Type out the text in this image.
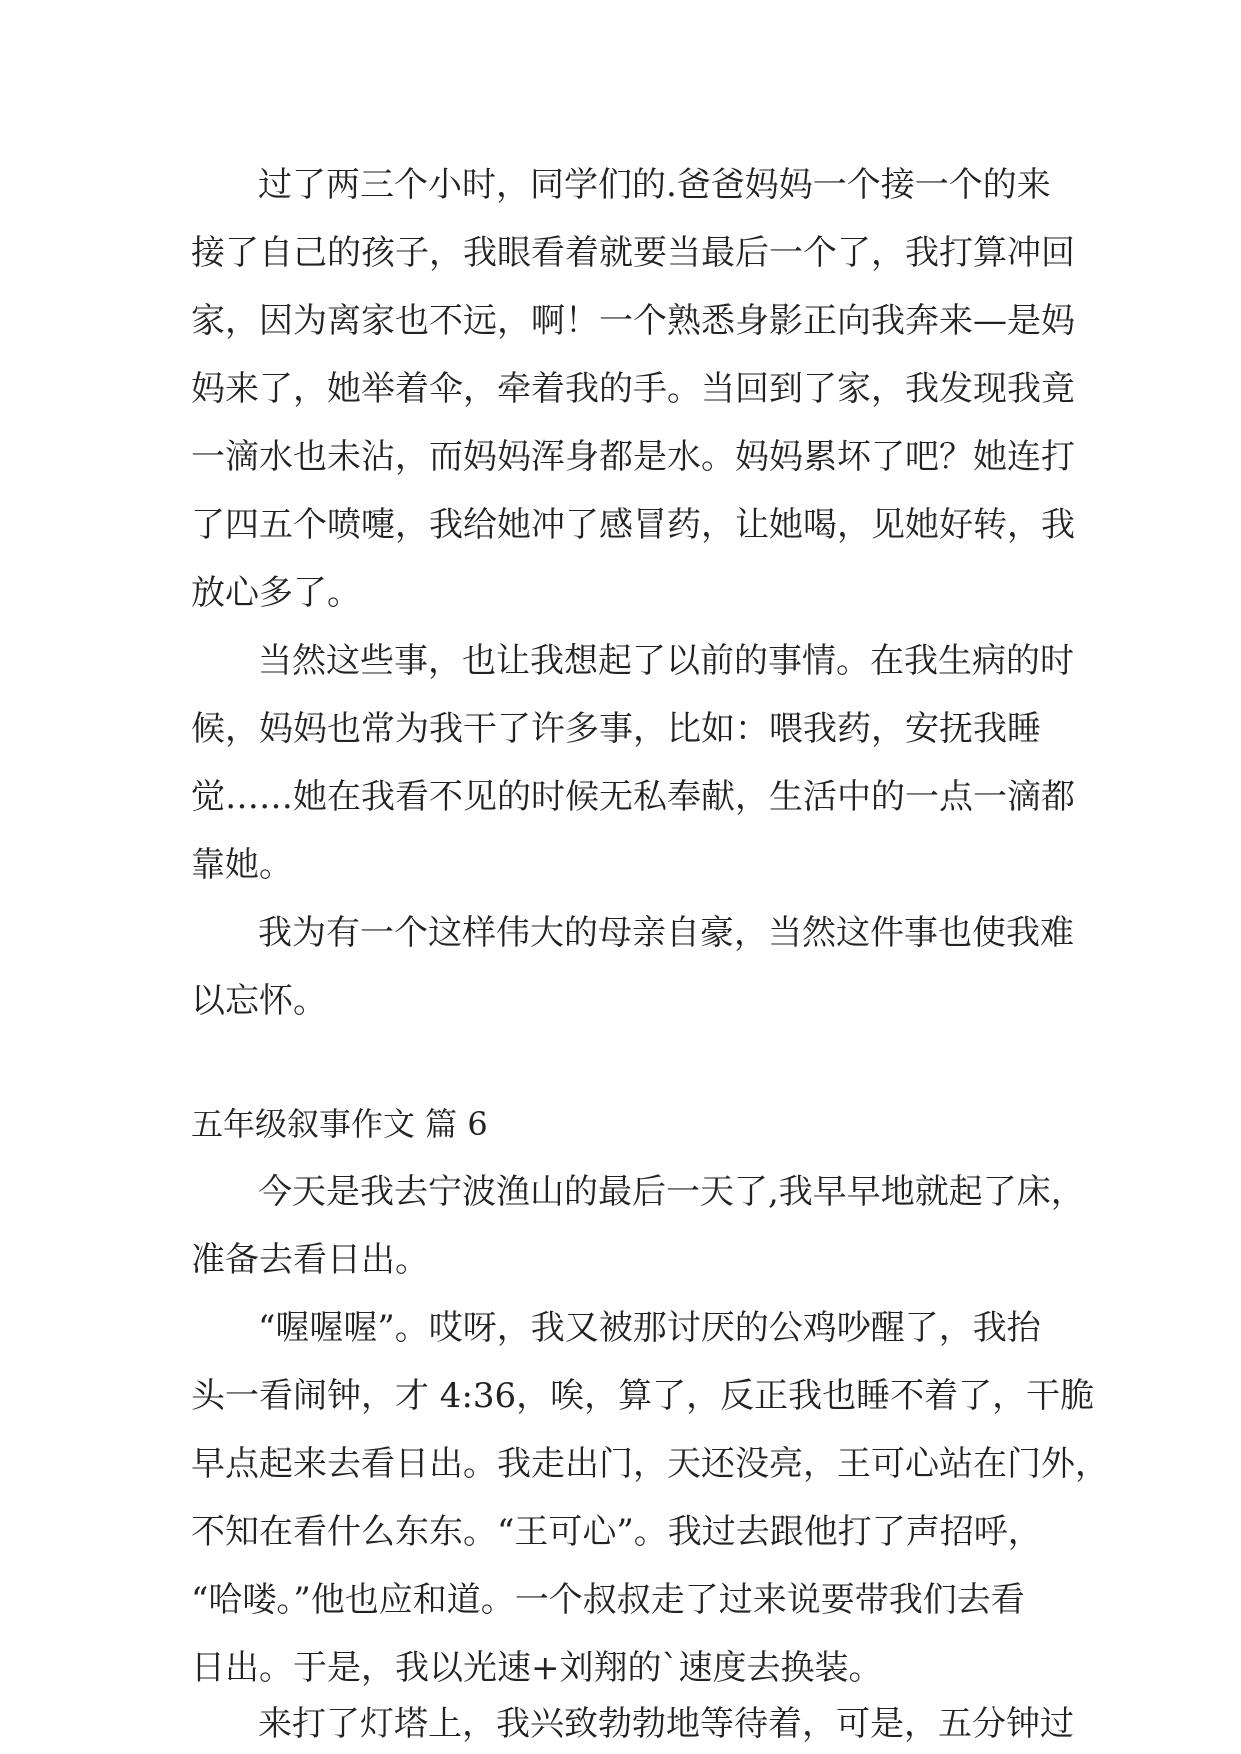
过了两三个小时，同学们的.爸爸妈妈一个接一个的来
接了自己的孩子，我眼看着就要当最后一个了，我打算冲回
家，因为离家也不远，啊！一个熟悉身影正向我奔来—是妈
妈来了，她举着伞，牵着我的手。当回到了家，我发现我竟
一滴水也未沾，而妈妈浑身都是水。妈妈累坏了吧？她连打
了四五个喷嚏，我给她冲了感冒药，让她喝，见她好转，我
放心多了。
当然这些事，也让我想起了以前的事情。在我生病的时
候，妈妈也常为我干了许多事，比如：喂我药，安抚我睡
觉……她在我看不见的时候无私奉献，生活中的一点一滴都
靠她。
我为有一个这样伟大的母亲自豪，当然这件事也使我难
以忘怀。
五年级叙事作文 篇 6
今天是我去宁波渔山的最后一天了,我早早地就起了床，
准备去看日出。
“喔喔喔”。哎呀，我又被那讨厌的公鸡吵醒了，我抬
头一看闹钟，才 4:36，唉，算了，反正我也睡不着了，干脆
早点起来去看日出。我走出门，天还没亮，王可心站在门外，
不知在看什么东东。“王可心”。我过去跟他打了声招呼，
“哈喽。”他也应和道。一个叔叔走了过来说要带我们去看
日出。于是，我以光速+刘翔的`速度去换装。
来打了灯塔上，我兴致勃勃地等待着，可是，五分钟过
